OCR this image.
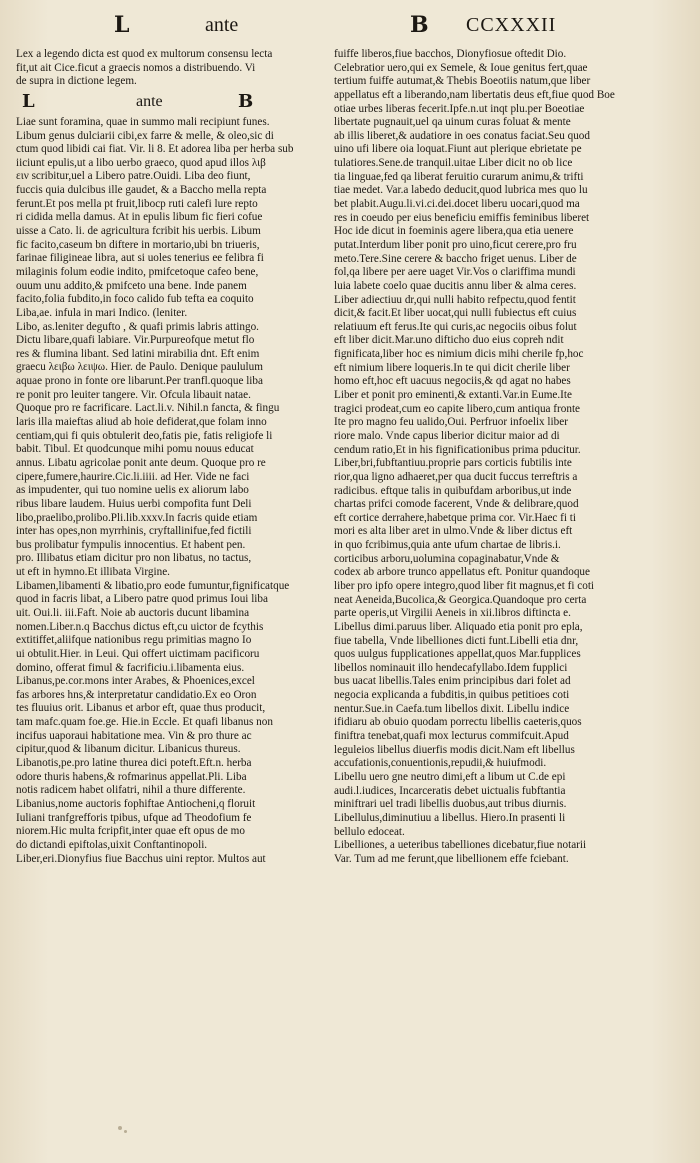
L	ante	B CCXXXII
Lex a legendo dicta est quod ex multorum consensu lecta
fit,ut ait Cice.ficut a graecis nomos a distribuendo. Vi
de supra in dictione legem.
L	ante	B
Liae sunt foramina, quae in summo mali recipiunt funes.
Libum genus dulciarii cibi,ex farre & melle, & oleo,sic di
ctum quod libidi cai fiat. Vir. li 8. Et adorea liba per herba sub
iiciunt epulis,ut a libo uerbo graeco, quod apud illos λιβ
ειν scribitur,uel a Libero patre.Ouidi. Liba deo fiunt,
fuccis quia dulcibus ille gaudet, & a Baccho mella repta
ferunt.Et pos mella pt fruit,libocp ruti calefi lure repto
ri cidida mella damus. At in epulis libum fic fieri cofue
uisse a Cato. li. de agricultura fcribit his uerbis. Libum
fic facito,caseum bn diftere in mortario,ubi bn triueris,
farinae filigineae libra, aut si uoles tenerius ee felibra fi
milaginis folum eodie indito, pmifcetoque cafeo bene,
ouum unu addito,& pmifceto una bene. Inde panem
facito,folia fubdito,in foco calido fub tefta ea coquito
Liba,ae. infula in mari Indico. (leniter.
Libo, as.leniter degufto , & quafi primis labris attingo.
Dictu libare,quafi labiare. Vir.Purpureofque metut flo
res & flumina libant. Sed latini mirabilia dnt. Eft enim
graecu λειβω λειψω. Hier. de Paulo. Denique paululum
aquae prono in fonte ore libarunt.Per tranfl.quoque liba
re ponit pro leuiter tangere. Vir. Ofcula libauit natae.
Quoque pro re facrificare. Lact.li.v. Nihil.n fancta, & fingu
laris illa maieftas aliud ab hoie defiderat,que folam inno
centiam,qui fi quis obtulerit deo,fatis pie, fatis religiofe li
babit. Tibul. Et quodcunque mihi pomu nouus educat
annus. Libatu agricolae ponit ante deum. Quoque pro re
cipere,fumere,haurire.Cic.li.iiii. ad Her. Vide ne faci
as impudenter, qui tuo nomine uelis ex aliorum labo
ribus libare laudem. Huius uerbi compofita funt Deli
libo,praelibo,prolibo.Pli.lib.xxxv.In facris quide etiam
inter has opes,non myrrhinis, cryftallinifue,fed fictili
bus prolibatur fympulis innocentius. Et habent pen.
pro. Illibatus etiam dicitur pro non libatus, no tactus,
ut eft in hymno.Et illibata Virgine.
Libamen,libamenti & libatio,pro eode fumuntur,fignificatque
quod in facris libat, a Libero patre quod primus Ioui liba
uit. Oui.li. iii.Faft. Noie ab auctoris ducunt libamina
nomen.Liber.n.q Bacchus dictus eft,cu uictor de fcythis
extitiffet,aliifque nationibus regu primitias magno Io
ui obtulit.Hier. in Leui. Qui offert uictimam pacificoru
domino, offerat fimul & facrificiu.i.libamenta eius.
Libanus,pe.cor.mons inter Arabes, & Phoenices,excel
fas arbores hns,& interpretatur candidatio.Ex eo Oron
tes fluuius orit. Libanus et arbor eft, quae thus producit,
tam mafc.quam foe.ge. Hie.in Eccle. Et quafi libanus non
incifus uaporaui habitatione mea. Vin & pro thure ac
cipitur,quod & libanum dicitur. Libanicus thureus.
Libanotis,pe.pro latine thurea dici poteft.Eft.n. herba
odore thuris habens,& rofmarinus appellat.Pli. Liba
notis radicem habet olifatri, nihil a thure differente.
Libanius,nome auctoris fophiftae Antiocheni,q floruit
Iuliani tranfgrefforis tpibus, ufque ad Theodofium fe
niorem.Hic multa fcripfit,inter quae eft opus de mo
do dictandi epiftolas,uixit Conftantinopoli.
Liber,eri.Dionyfius fiue Bacchus uini reptor. Multos aut
fuiffe liberos,fiue bacchos, Dionyfiosue oftedit Dio.
Celebratior uero,qui ex Semele, & Ioue genitus fert,quae
tertium fuiffe autumat,& Thebis Boeotiis natum,que liber
appellatus eft a liberando,nam libertatis deus eft,fiue quod Boe
otiae urbes liberas fecerit.Ipfe.n.ut inqt plu.per Boeotiae
libertate pugnauit,uel qa uinum curas foluat & mente
ab illis liberet,& audatiore in oes conatus faciat.Seu quod
uino ufi libere oia loquat.Fiunt aut plerique ebrietate pe
tulatiores.Sene.de tranquil.uitae Liber dicit no ob lice
tia linguae,fed qa liberat feruitio curarum animu,& trifti
tiae medet. Var.a labedo deducit,quod lubrica mes quo lu
bet plabit.Augu.li.vi.ci.dei.docet liberu uocari,quod ma
res in coeudo per eius beneficiu emiffis feminibus liberet
Hoc ide dicut in foeminis agere libera,qua etia uenere
putat.Interdum liber ponit pro uino,ficut cerere,pro fru
meto.Tere.Sine cerere & baccho friget uenus. Liber de
fol,qa libere per aere uaget Vir.Vos o clariffima mundi
luia labete coelo quae ducitis annu liber & alma ceres.
Liber adiectiuu dr,qui nulli habito refpectu,quod fentit
dicit,& facit.Et liber uocat,qui nulli fubiectus eft cuius
relatiuum eft ferus.Ite qui curis,ac negociis oibus folut
eft liber dicit.Mar.uno difticho duo eius copreh ndit
fignificata,liber hoc es nimium dicis mihi cherile fp,hoc
eft nimium libere loqueris.In te qui dicit cherile liber
homo eft,hoc eft uacuus negociis,& qd agat no habes
Liber et ponit pro eminenti,& extanti.Var.in Eume.Ite
tragici prodeat,cum eo capite libero,cum antiqua fronte
Ite pro magno feu ualido,Oui. Perfruor infoelix liber
riore malo. Vnde capus liberior dicitur maior ad di
cendum ratio,Et in his fignificationibus prima pducitur.
Liber,bri,fubftantiuu.proprie pars corticis fubtilis inte
rior,qua ligno adhaeret,per qua ducit fuccus terreftris a
radicibus. eftque talis in quibufdam arboribus,ut inde
chartas prifci comode facerent, Vnde & delibrare,quod
eft cortice derrahere,habetque prima cor. Vir.Haec fi ti
mori es alta liber aret in ulmo.Vnde & liber dictus eft
in quo fcribimus,quia ante ufum chartae de libris.i.
corticibus arboru,uolumina copaginabatur,Vnde &
codex ab arbore trunco appellatus eft. Ponitur quandoque
liber pro ipfo opere integro,quod liber fit magnus,et fi coti
neat Aeneida,Bucolica,& Georgica.Quandoque pro certa
parte operis,ut Virgilii Aeneis in xii.libros diftincta e.
Libellus dimi.paruus liber. Aliquado etia ponit pro epla,
fiue tabella, Vnde libelliones dicti funt.Libelli etia dnr,
quos uulgus fupplicationes appellat,quos Mar.fupplices
libellos nominauit illo hendecafyllabo.Idem fupplici
bus uacat libellis.Tales enim principibus dari folet ad
negocia explicanda a fubditis,in quibus petitioes coti
nentur.Sue.in Caefa.tum libellos dixit. Libellu indice
ifidiaru ab obuio quodam porrectu libellis caeteris,quos
finiftra tenebat,quafi mox lecturus commifcuit.Apud
leguleios libellus diuerfis modis dicit.Nam eft libellus
accufationis,conuentionis,repudii,& huiufmodi.
Libellu uero gne neutro dimi,eft a libum ut C.de epi
audi.l.iudices, Incarceratis debet uictualis fubftantia
miniftrari uel tradi libellis duobus,aut tribus diurnis.
Libellulus,diminutiuu a libellus. Hiero.In prasenti li
bellulo edoceat.
Libelliones, a ueteribus tabelliones dicebatur,fiue notarii
Var. Tum ad me ferunt,que libellionem effe fciebant.
